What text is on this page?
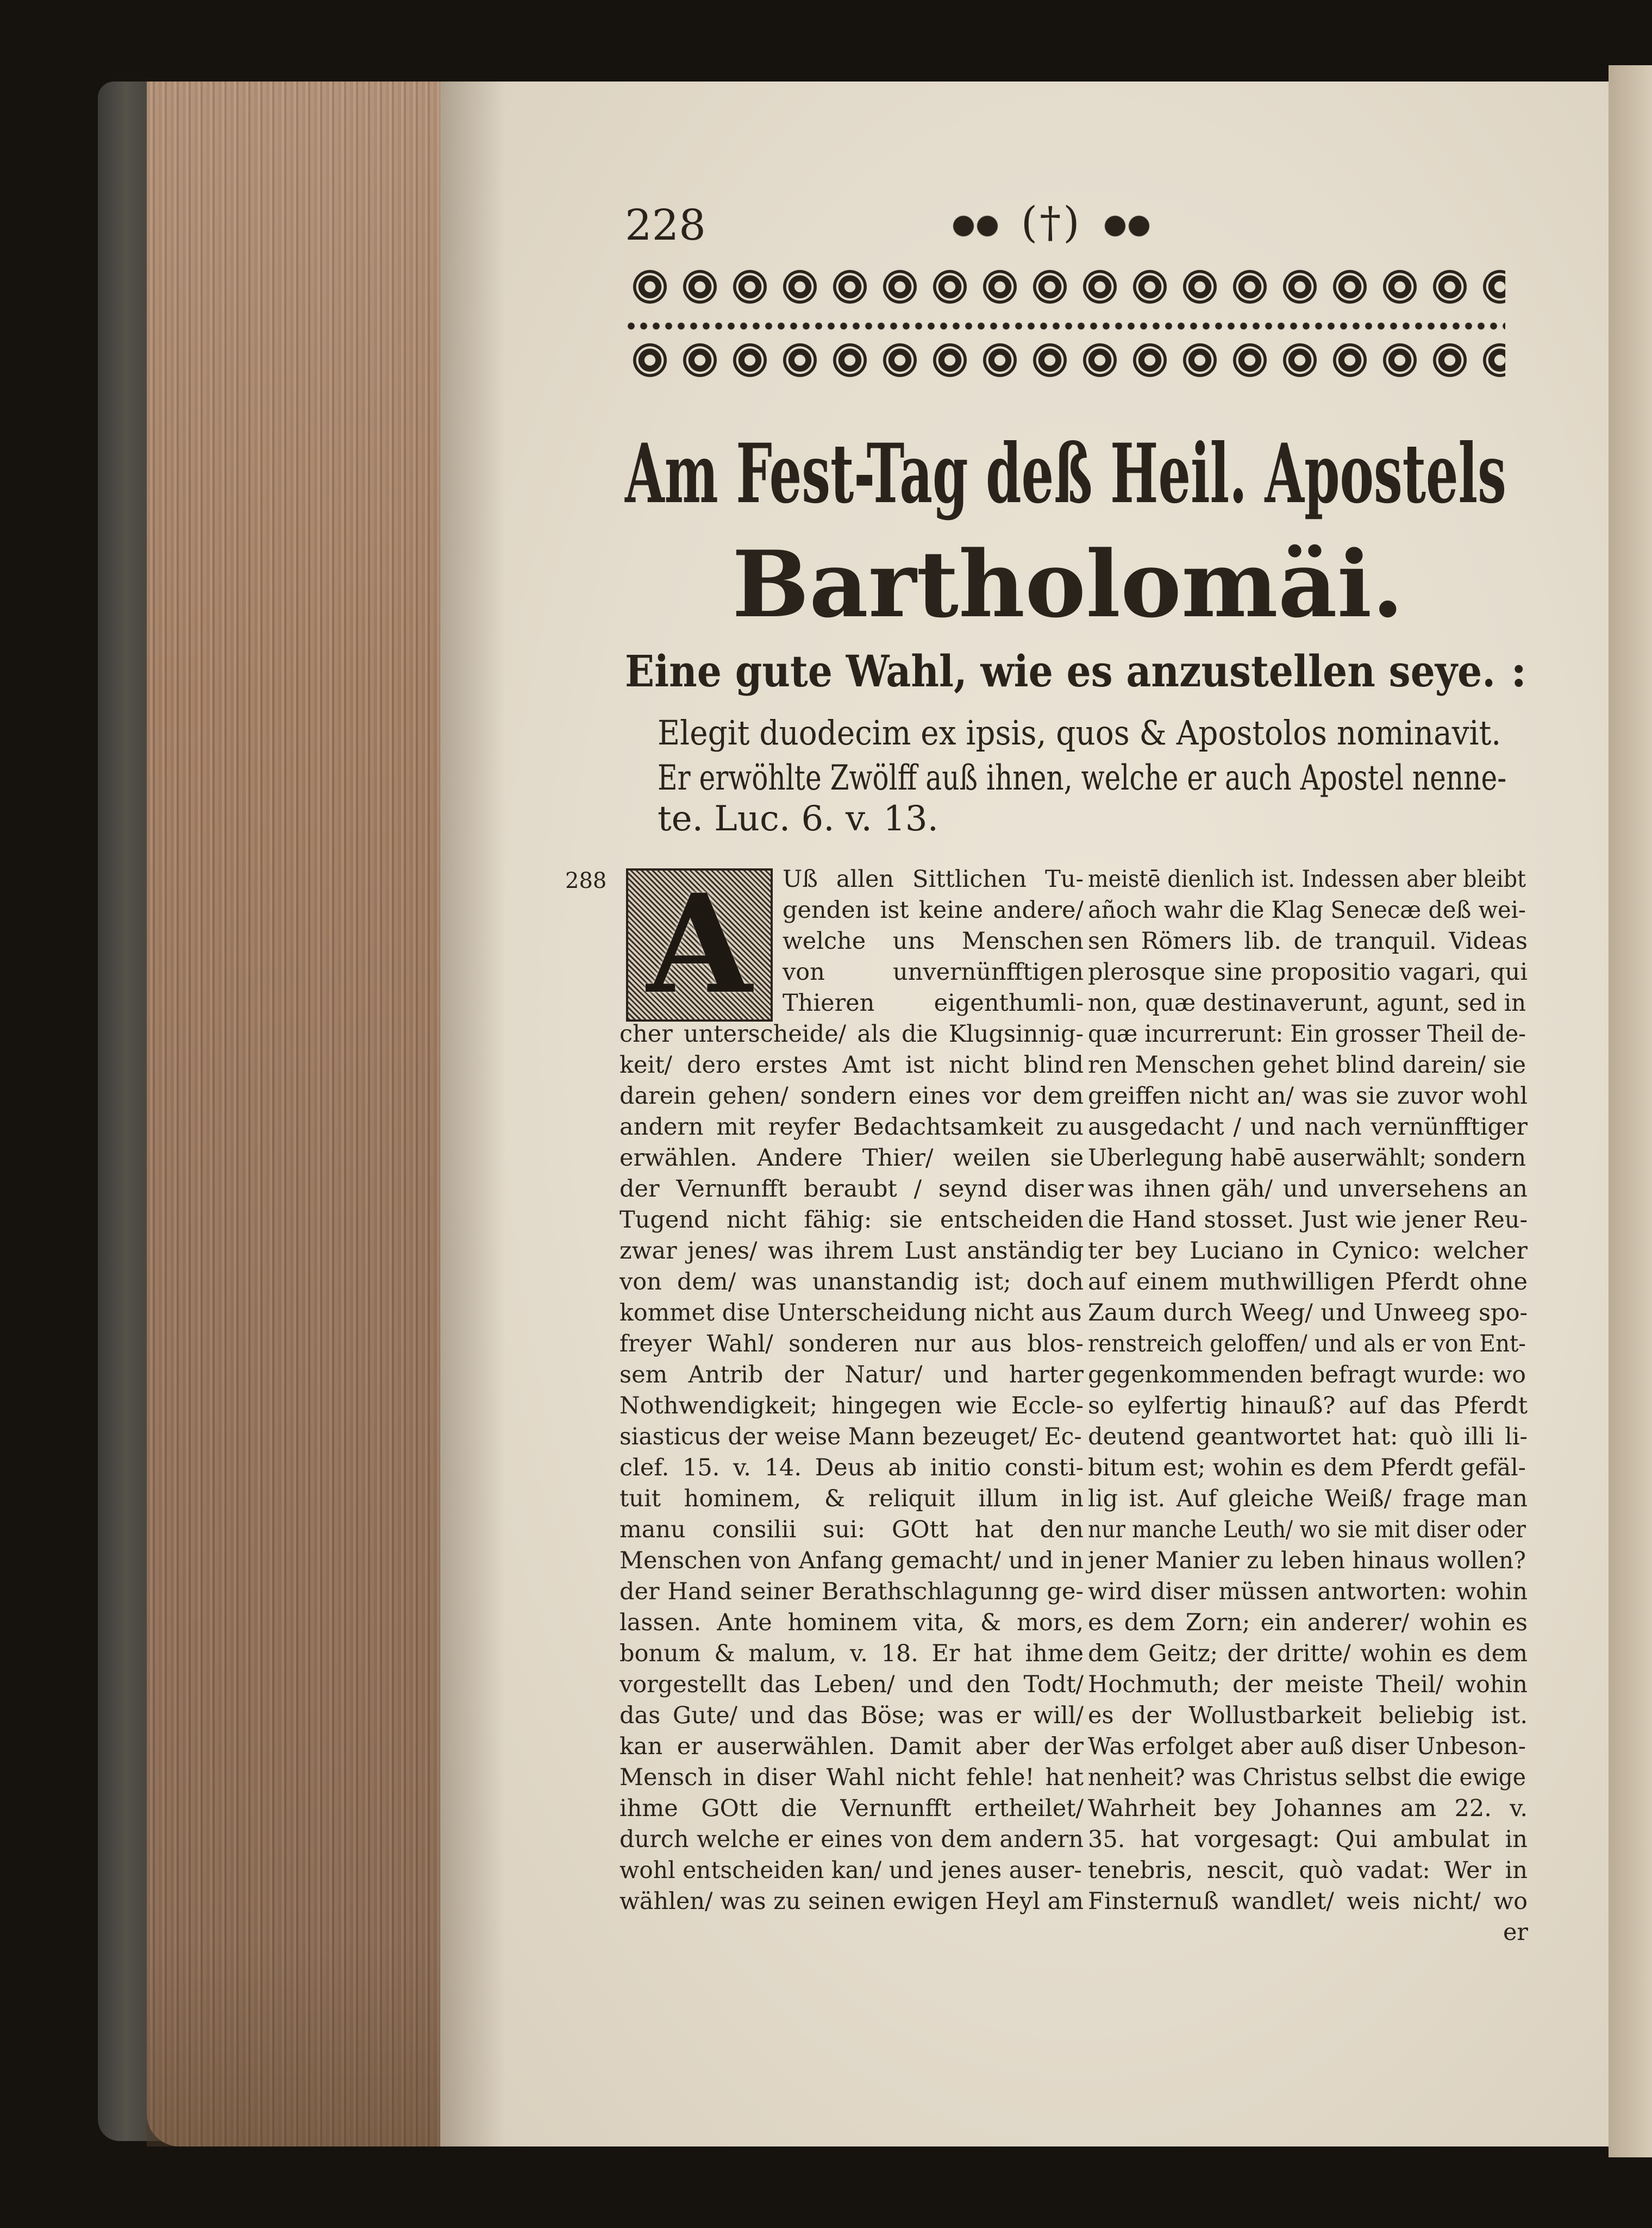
228	(†)
Am Fest-Tag deß Heil. Apostels
Bartholomäi.
Eine gute Wahl, wie es anzustellen seye. :
Elegit duodecim ex ipsis, quos & Apostolos nominavit.
Er erwöhlte Zwölff auß ihnen, welche er auch Apostel nenne-
te. Luc. 6. v. 13.
288 A	Uß allen Sittlichen Tu-
genden ist keine andere/
welche uns Menschen
von unvernünfftigen
Thieren eigenthumli-
cher unterscheide/ als die Klugsinnig-
keit/ dero erstes Amt ist nicht blind
darein gehen/ sondern eines vor dem
andern mit reyfer Bedachtsamkeit zu
erwählen. Andere Thier/ weilen sie
der Vernunfft beraubt / seynd diser
Tugend nicht fähig: sie entscheiden
zwar jenes/ was ihrem Lust anständig
von dem/ was unanstandig ist; doch
kommet dise Unterscheidung nicht aus
freyer Wahl/ sonderen nur aus blos-
sem Antrib der Natur/ und harter
Nothwendigkeit; hingegen wie Eccle-
siasticus der weise Mann bezeuget/ Ec-
clef. 15. v. 14. Deus ab initio consti-
tuit hominem, & reliquit illum in
manu consilii sui: GOtt hat den
Menschen von Anfang gemacht/ und in
der Hand seiner Berathschlagunng ge-
lassen. Ante hominem vita, & mors,
bonum & malum, v. 18. Er hat ihme
vorgestellt das Leben/ und den Todt/
das Gute/ und das Böse; was er will/
kan er auserwählen. Damit aber der
Mensch in diser Wahl nicht fehle! hat
ihme GOtt die Vernunfft ertheilet/
durch welche er eines von dem andern
wohl entscheiden kan/ und jenes auser-
wählen/ was zu seinen ewigen Heyl am
meistē dienlich ist. Indessen aber bleibt
añoch wahr die Klag Senecæ deß wei-
sen Römers lib. de tranquil. Videas
plerosque sine propositio vagari, qui
non, quæ destinaverunt, agunt, sed in
quæ incurrerunt: Ein grosser Theil de-
ren Menschen gehet blind darein/ sie
greiffen nicht an/ was sie zuvor wohl
ausgedacht / und nach vernünfftiger
Uberlegung habē auserwählt; sondern
was ihnen gäh/ und unversehens an
die Hand stosset. Just wie jener Reu-
ter bey Luciano in Cynico: welcher
auf einem muthwilligen Pferdt ohne
Zaum durch Weeg/ und Unweeg spo-
renstreich geloffen/ und als er von Ent-
gegenkommenden befragt wurde: wo
so eylfertig hinauß? auf das Pferdt
deutend geantwortet hat: quò illi li-
bitum est; wohin es dem Pferdt gefäl-
lig ist. Auf gleiche Weiß/ frage man
nur manche Leuth/ wo sie mit diser oder
jener Manier zu leben hinaus wollen?
wird diser müssen antworten: wohin
es dem Zorn; ein anderer/ wohin es
dem Geitz; der dritte/ wohin es dem
Hochmuth; der meiste Theil/ wohin
es der Wollustbarkeit beliebig ist.
Was erfolget aber auß diser Unbeson-
nenheit? was Christus selbst die ewige
Wahrheit bey Johannes am 22. v.
35. hat vorgesagt: Qui ambulat in
tenebris, nescit, quò vadat: Wer in
Finsternuß wandlet/ weis nicht/ wo
er
